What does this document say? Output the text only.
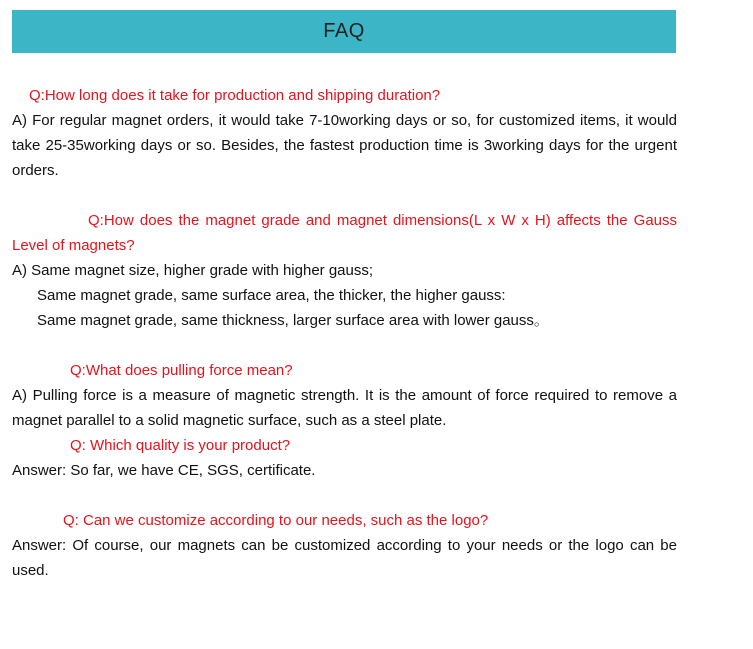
FAQ

Q:How long does it take for production and shipping duration?

A) For regular magnet orders, it would take 7-10working days or so, for customized items, it would take 25-35working days or so. Besides, the fastest production time is 3working days for the urgent orders.

Q:How does the magnet grade and magnet dimensions(L x W x H) affects the Gauss Level of magnets?

A) Same magnet size, higher grade with higher gauss;

Same magnet grade, same surface area, the thicker, the higher gauss:

Same magnet grade, same thickness, larger surface area with lower gauss。

Q:What does pulling force mean?

A) Pulling force is a measure of magnetic strength. It is the amount of force required to remove a magnet parallel to a solid magnetic surface, such as a steel plate.

Q: Which quality is your product?

Answer: So far, we have CE, SGS, certificate.

Q: Can we customize according to our needs, such as the logo?

Answer: Of course, our magnets can be customized according to your needs or the logo can be used.
